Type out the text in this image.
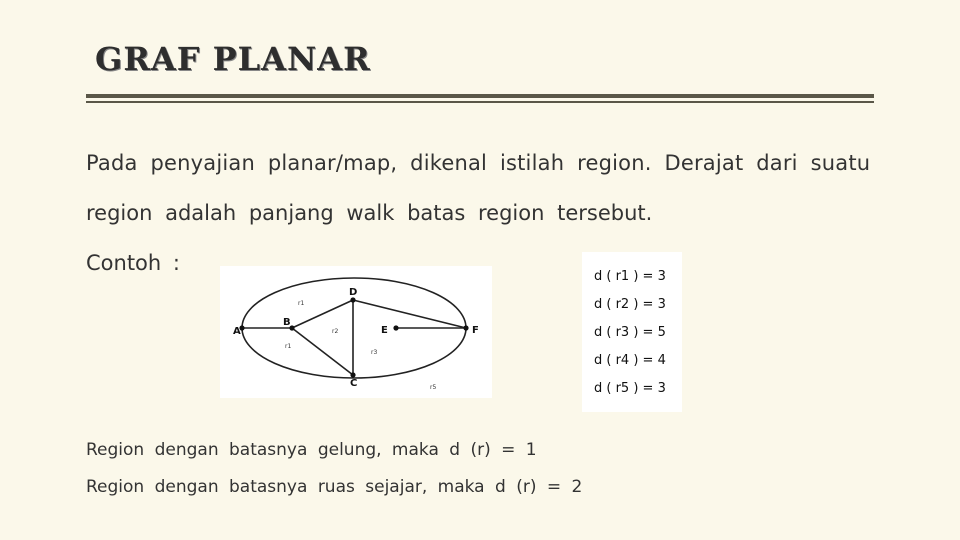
GRAF PLANAR
Pada penyajian planar/map, dikenal istilah region. Derajat dari suatu
region adalah panjang walk batas region tersebut.
Contoh :
A
B
C
D
E	F
r1
r1
r2
r3
r5
d ( r1 ) = 3
d ( r2 ) = 3
d ( r3 ) = 5
d ( r4 ) = 4
d ( r5 ) = 3
Region dengan batasnya gelung, maka d (r) = 1
Region dengan batasnya ruas sejajar, maka d (r) = 2
